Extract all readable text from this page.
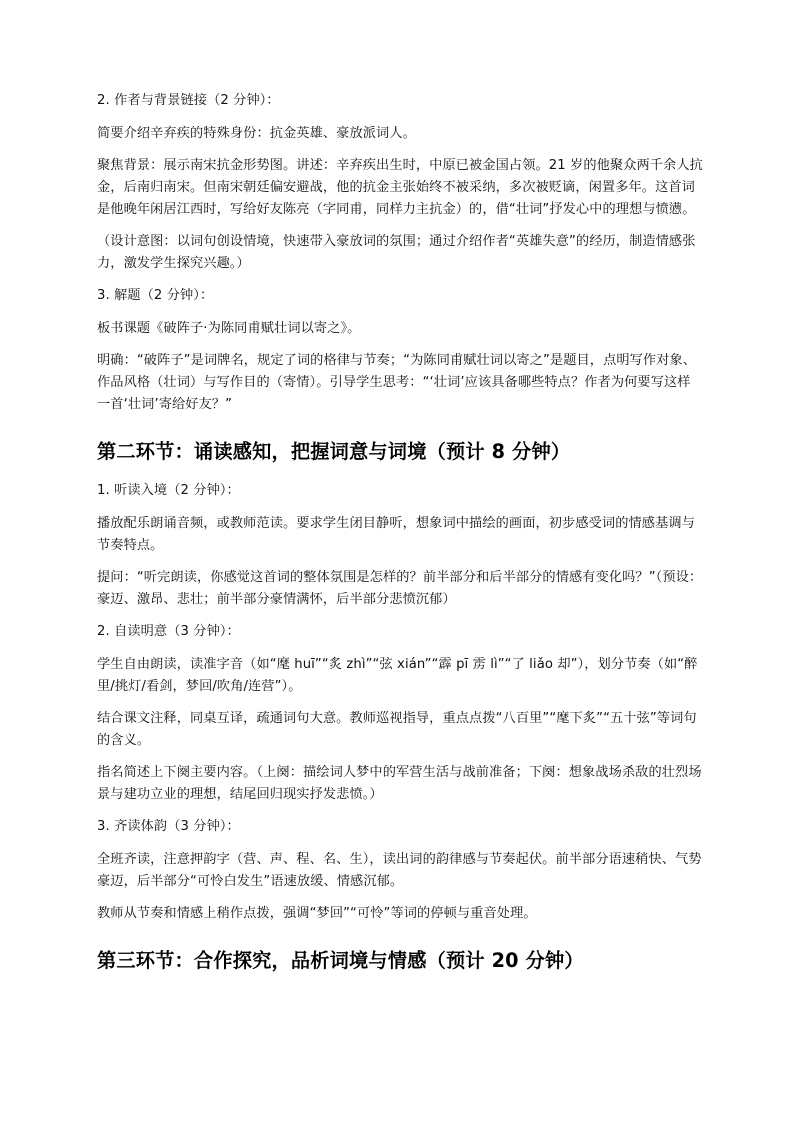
2. 作者与背景链接（2 分钟）：

简要介绍辛弃疾的特殊身份：抗金英雄、豪放派词人。

聚焦背景：展示南宋抗金形势图。讲述：辛弃疾出生时，中原已被金国占领。21 岁的他聚众两千余人抗金，后南归南宋。但南宋朝廷偏安避战，他的抗金主张始终不被采纳，多次被贬谪，闲置多年。这首词是他晚年闲居江西时，写给好友陈亮（字同甫，同样力主抗金）的，借“壮词”抒发心中的理想与愤懑。

（设计意图：以词句创设情境，快速带入豪放词的氛围；通过介绍作者“英雄失意”的经历，制造情感张力，激发学生探究兴趣。）

3. 解题（2 分钟）：

板书课题《破阵子·为陈同甫赋壮词以寄之》。

明确：“破阵子”是词牌名，规定了词的格律与节奏；“为陈同甫赋壮词以寄之”是题目，点明写作对象、作品风格（壮词）与写作目的（寄情）。引导学生思考：“‘壮词’应该具备哪些特点？作者为何要写这样一首‘壮词’寄给好友？”

第二环节：诵读感知，把握词意与词境（预计 8 分钟）

1. 听读入境（2 分钟）：

播放配乐朗诵音频，或教师范读。要求学生闭目静听，想象词中描绘的画面，初步感受词的情感基调与节奏特点。

提问：“听完朗读，你感觉这首词的整体氛围是怎样的？前半部分和后半部分的情感有变化吗？”（预设：豪迈、激昂、悲壮；前半部分豪情满怀，后半部分悲愤沉郁）

2. 自读明意（3 分钟）：

学生自由朗读，读准字音（如“麾 huī”“炙 zhì”“弦 xián”“霹 pī 雳 lì”“了 liǎo 却”），划分节奏（如“醉里/挑灯/看剑，梦回/吹角/连营”）。

结合课文注释，同桌互译，疏通词句大意。教师巡视指导，重点点拨“八百里”“麾下炙”“五十弦”等词句的含义。

指名简述上下阕主要内容。（上阕：描绘词人梦中的军营生活与战前准备；下阕：想象战场杀敌的壮烈场景与建功立业的理想，结尾回归现实抒发悲愤。）

3. 齐读体韵（3 分钟）：

全班齐读，注意押韵字（营、声、程、名、生），读出词的韵律感与节奏起伏。前半部分语速稍快、气势豪迈，后半部分“可怜白发生”语速放缓、情感沉郁。

教师从节奏和情感上稍作点拨，强调“梦回”“可怜”等词的停顿与重音处理。

第三环节：合作探究，品析词境与情感（预计 20 分钟）
